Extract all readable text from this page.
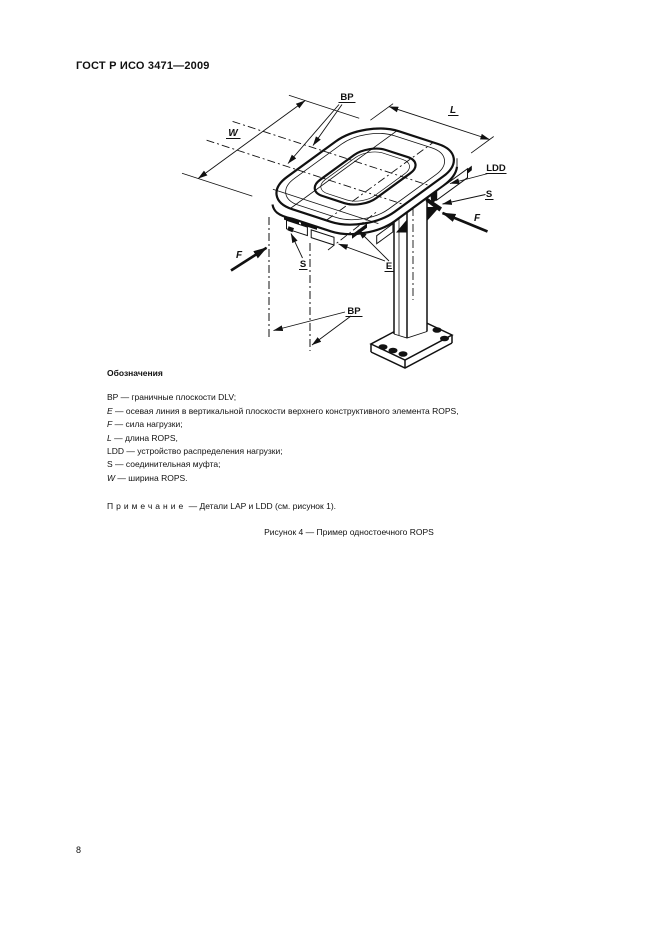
ГОСТ Р ИСО 3471—2009
W
L
BP
BP
E
S
S
LDD
F
F
Обозначения
BP — граничные плоскости DLV;
E — осевая линия в вертикальной плоскости верхнего конструктивного элемента ROPS,
F — сила нагрузки;
L — длина ROPS,
LDD — устройство распределения нагрузки;
S — соединительная муфта;
W — ширина ROPS.
Примечание — Детали LAP и LDD (см. рисунок 1).
Рисунок 4 — Пример одностоечного ROPS
8
